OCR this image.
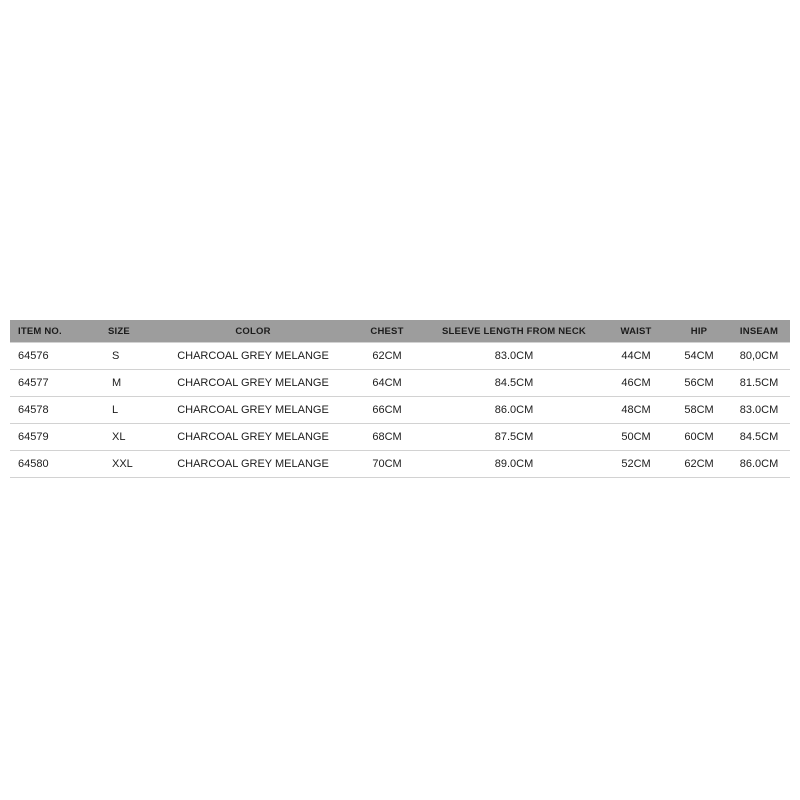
ITEM NO.	SIZE	COLOR	CHEST	SLEEVE LENGTH FROM NECK	WAIST	HIP	INSEAM
64576	S	CHARCOAL GREY MELANGE	62CM	83.0CM	44CM	54CM	80,0CM
64577	M	CHARCOAL GREY MELANGE	64CM	84.5CM	46CM	56CM	81.5CM
64578	L	CHARCOAL GREY MELANGE	66CM	86.0CM	48CM	58CM	83.0CM
64579	XL	CHARCOAL GREY MELANGE	68CM	87.5CM	50CM	60CM	84.5CM
64580	XXL	CHARCOAL GREY MELANGE	70CM	89.0CM	52CM	62CM	86.0CM
